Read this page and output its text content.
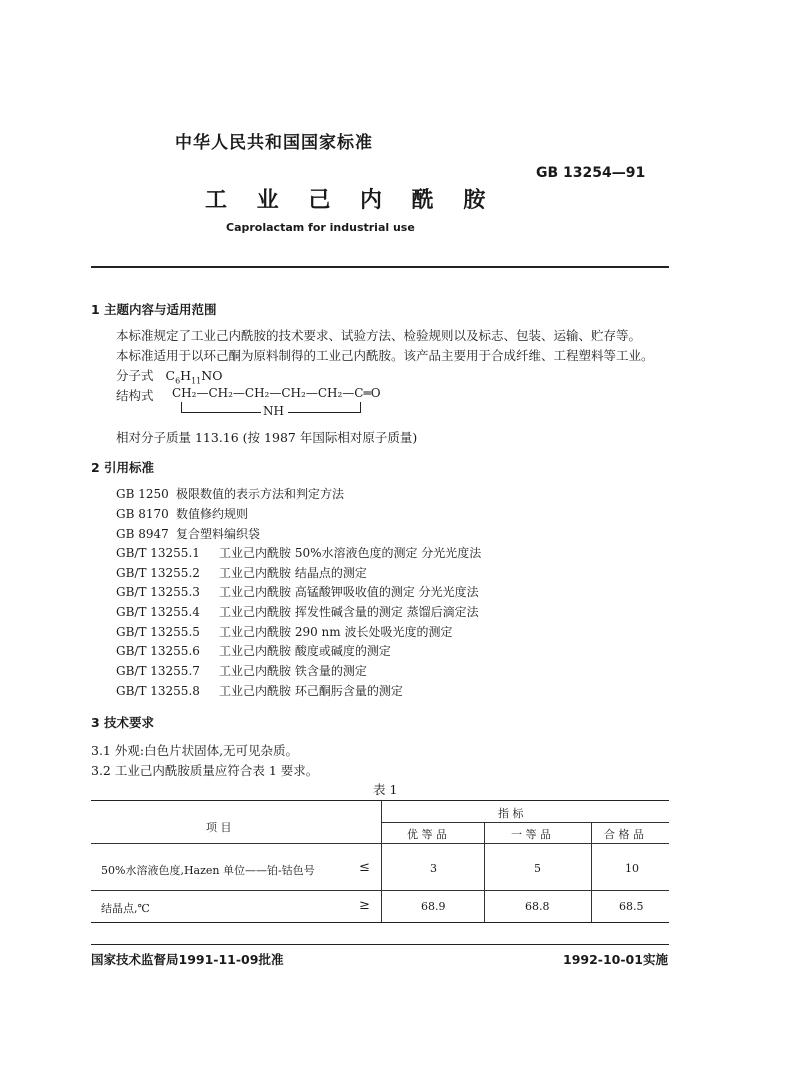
中华人民共和国国家标准
GB 13254—91
工 业 己 内 酰 胺
Caprolactam for industrial use
1 主题内容与适用范围
本标准规定了工业己内酰胺的技术要求、试验方法、检验规则以及标志、包装、运输、贮存等。
本标准适用于以环己酮为原料制得的工业己内酰胺。该产品主要用于合成纤维、工程塑料等工业。
分子式 $C_6H_{11}NO$
结构式 CH₂—CH₂—CH₂—CH₂—CH₂—C═O
NH
相对分子质量 113.16 (按 1987 年国际相对原子质量)
2 引用标准
GB 1250 极限数值的表示方法和判定方法
GB 8170 数值修约规则
GB 8947 复合塑料编织袋
GB/T 13255.1 工业己内酰胺 50%水溶液色度的测定 分光光度法
GB/T 13255.2 工业己内酰胺 结晶点的测定
GB/T 13255.3 工业己内酰胺 高锰酸钾吸收值的测定 分光光度法
GB/T 13255.4 工业己内酰胺 挥发性碱含量的测定 蒸馏后滴定法
GB/T 13255.5 工业己内酰胺 290 nm 波长处吸光度的测定
GB/T 13255.6 工业己内酰胺 酸度或碱度的测定
GB/T 13255.7 工业己内酰胺 铁含量的测定
GB/T 13255.8 工业己内酰胺 环己酮肟含量的测定
3 技术要求
3.1 外观:白色片状固体,无可见杂质。
3.2 工业己内酰胺质量应符合表 1 要求。
表 1
项 目
指 标
优 等 品	一 等 品	合 格 品
50%水溶液色度,Hazen 单位——铂-钴色号	≤	3	5	10
结晶点,℃	≥	68.9	68.8	68.5
国家技术监督局1991-11-09批准	1992-10-01实施
